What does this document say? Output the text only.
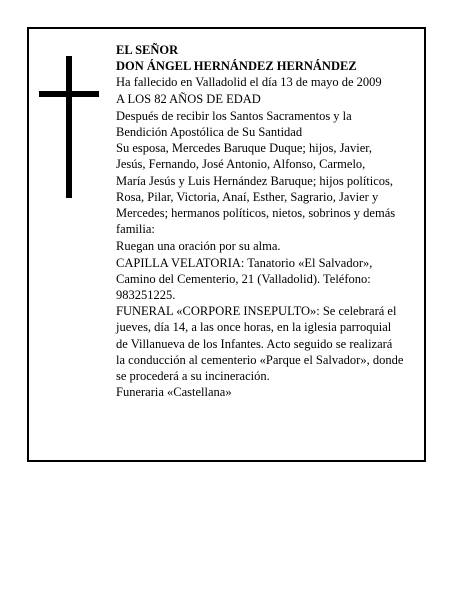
EL SEÑOR
DON ÁNGEL HERNÁNDEZ HERNÁNDEZ
Ha fallecido en Valladolid el día 13 de mayo de 2009
A LOS 82 AÑOS DE EDAD
Después de recibir los Santos Sacramentos y la
Bendición Apostólica de Su Santidad
Su esposa, Mercedes Baruque Duque; hijos, Javier,
Jesús, Fernando, José Antonio, Alfonso, Carmelo,
María Jesús y Luis Hernández Baruque; hijos políticos,
Rosa, Pilar, Victoria, Anaí, Esther, Sagrario, Javier y
Mercedes; hermanos políticos, nietos, sobrinos y demás
familia:
Ruegan una oración por su alma.
CAPILLA VELATORIA: Tanatorio «El Salvador»,
Camino del Cementerio, 21 (Valladolid). Teléfono:
983251225.
FUNERAL «CORPORE INSEPULTO»: Se celebrará el
jueves, día 14, a las once horas, en la iglesia parroquial
de Villanueva de los Infantes. Acto seguido se realizará
la conducción al cementerio «Parque el Salvador», donde
se procederá a su incineración.
Funeraria «Castellana»
